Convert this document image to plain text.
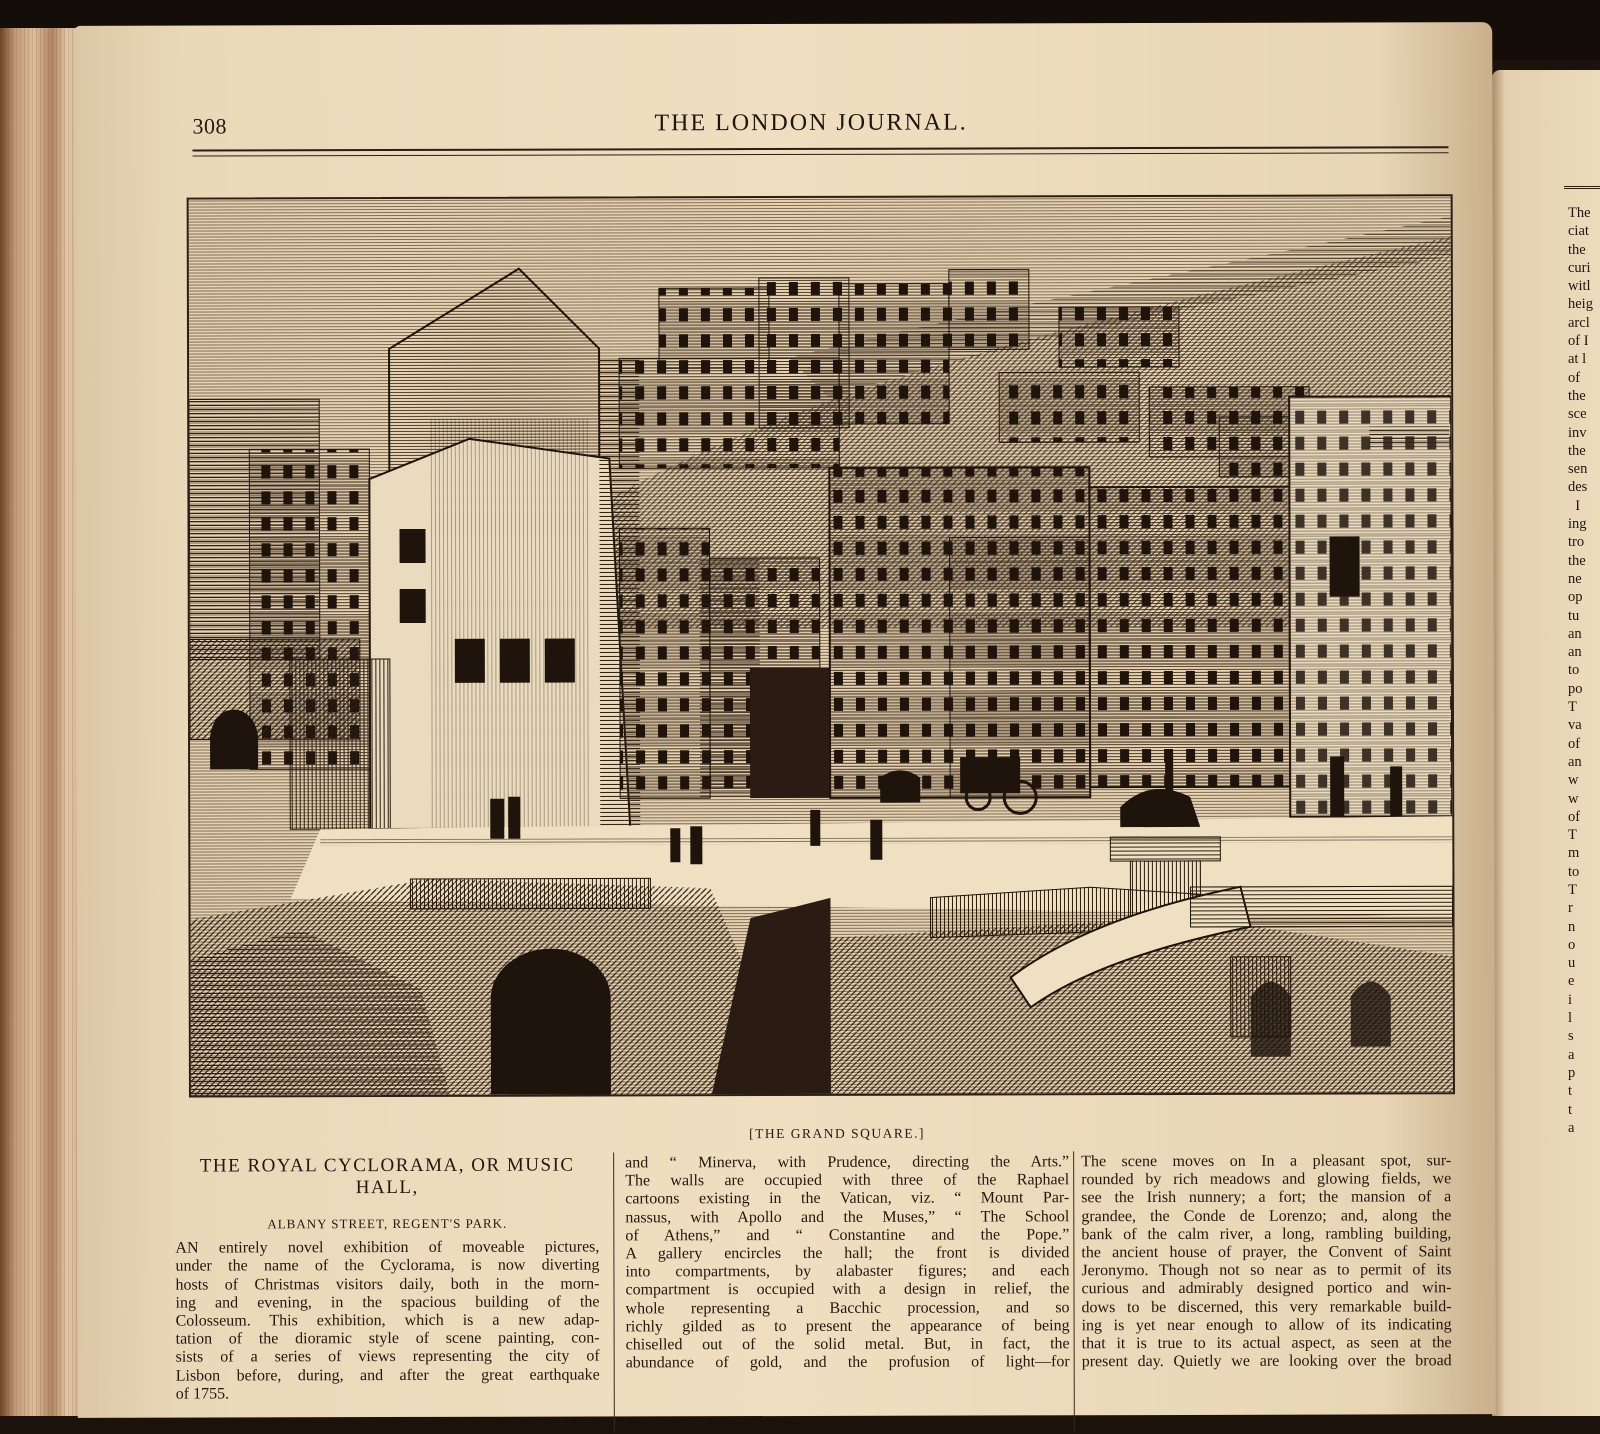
The
ciat
the
curi
witl
heig
arcl
of I
at l
of
the
sce
inv
the
sen
des
I
ing
tro
the
ne
op
tu
an
an
to
po
T
va
of
an
w
w
of
T
m
to
T
r
n
o
u
e
i
l
s
a
p
t
t
a
308	THE LONDON JOURNAL.
[THE GRAND SQUARE.]
THE ROYAL CYCLORAMA, OR MUSIC
HALL,
ALBANY STREET, REGENT'S PARK.
AN entirely novel exhibition of moveable pictures,
under the name of the Cyclorama, is now diverting
hosts of Christmas visitors daily, both in the morn-
ing and evening, in the spacious building of the
Colosseum. This exhibition, which is a new adap-
tation of the dioramic style of scene painting, con-
sists of a series of views representing the city of
Lisbon before, during, and after the great earthquake
of 1755.
and “ Minerva, with Prudence, directing the Arts.”
The walls are occupied with three of the Raphael
cartoons existing in the Vatican, viz. “ Mount Par-
nassus, with Apollo and the Muses,” “ The School
of Athens,” and “ Constantine and the Pope.”
A gallery encircles the hall; the front is divided
into compartments, by alabaster figures; and each
compartment is occupied with a design in relief, the
whole representing a Bacchic procession, and so
richly gilded as to present the appearance of being
chiselled out of the solid metal. But, in fact, the
abundance of gold, and the profusion of light—for
The scene moves on In a pleasant spot, sur-
rounded by rich meadows and glowing fields, we
see the Irish nunnery; a fort; the mansion of a
grandee, the Conde de Lorenzo; and, along the
bank of the calm river, a long, rambling building,
the ancient house of prayer, the Convent of Saint
Jeronymo. Though not so near as to permit of its
curious and admirably designed portico and win-
dows to be discerned, this very remarkable build-
ing is yet near enough to allow of its indicating
that it is true to its actual aspect, as seen at the
present day. Quietly we are looking over the broad
